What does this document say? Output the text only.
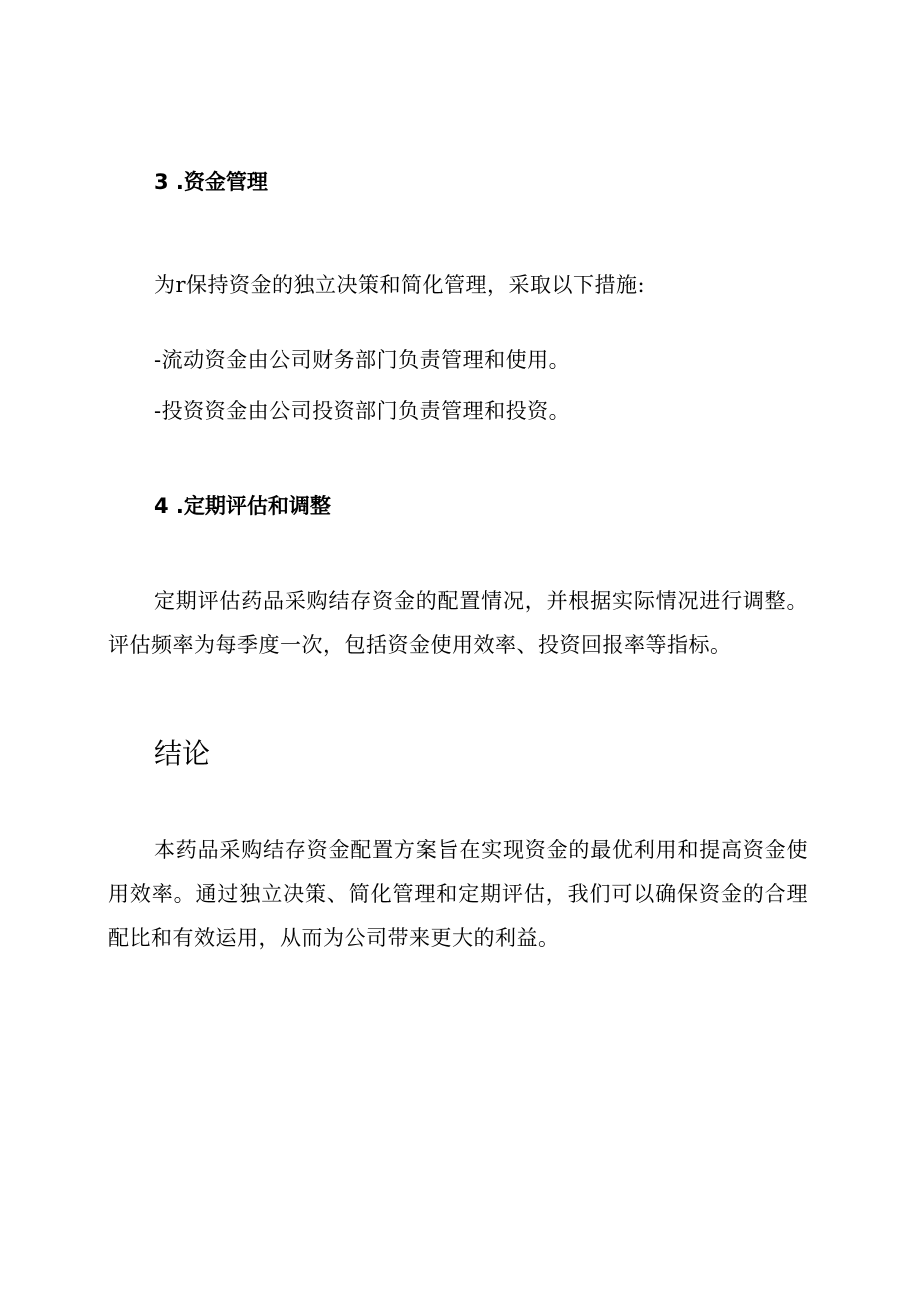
3 .资金管理

为r保持资金的独立决策和简化管理，采取以下措施:

-流动资金由公司财务部门负责管理和使用。

-投资资金由公司投资部门负责管理和投资。

4 .定期评估和调整

定期评估药品采购结存资金的配置情况，并根据实际情况进行调整。评估频率为每季度一次，包括资金使用效率、投资回报率等指标。

结论

本药品采购结存资金配置方案旨在实现资金的最优利用和提高资金使用效率。通过独立决策、简化管理和定期评估，我们可以确保资金的合理配比和有效运用，从而为公司带来更大的利益。
